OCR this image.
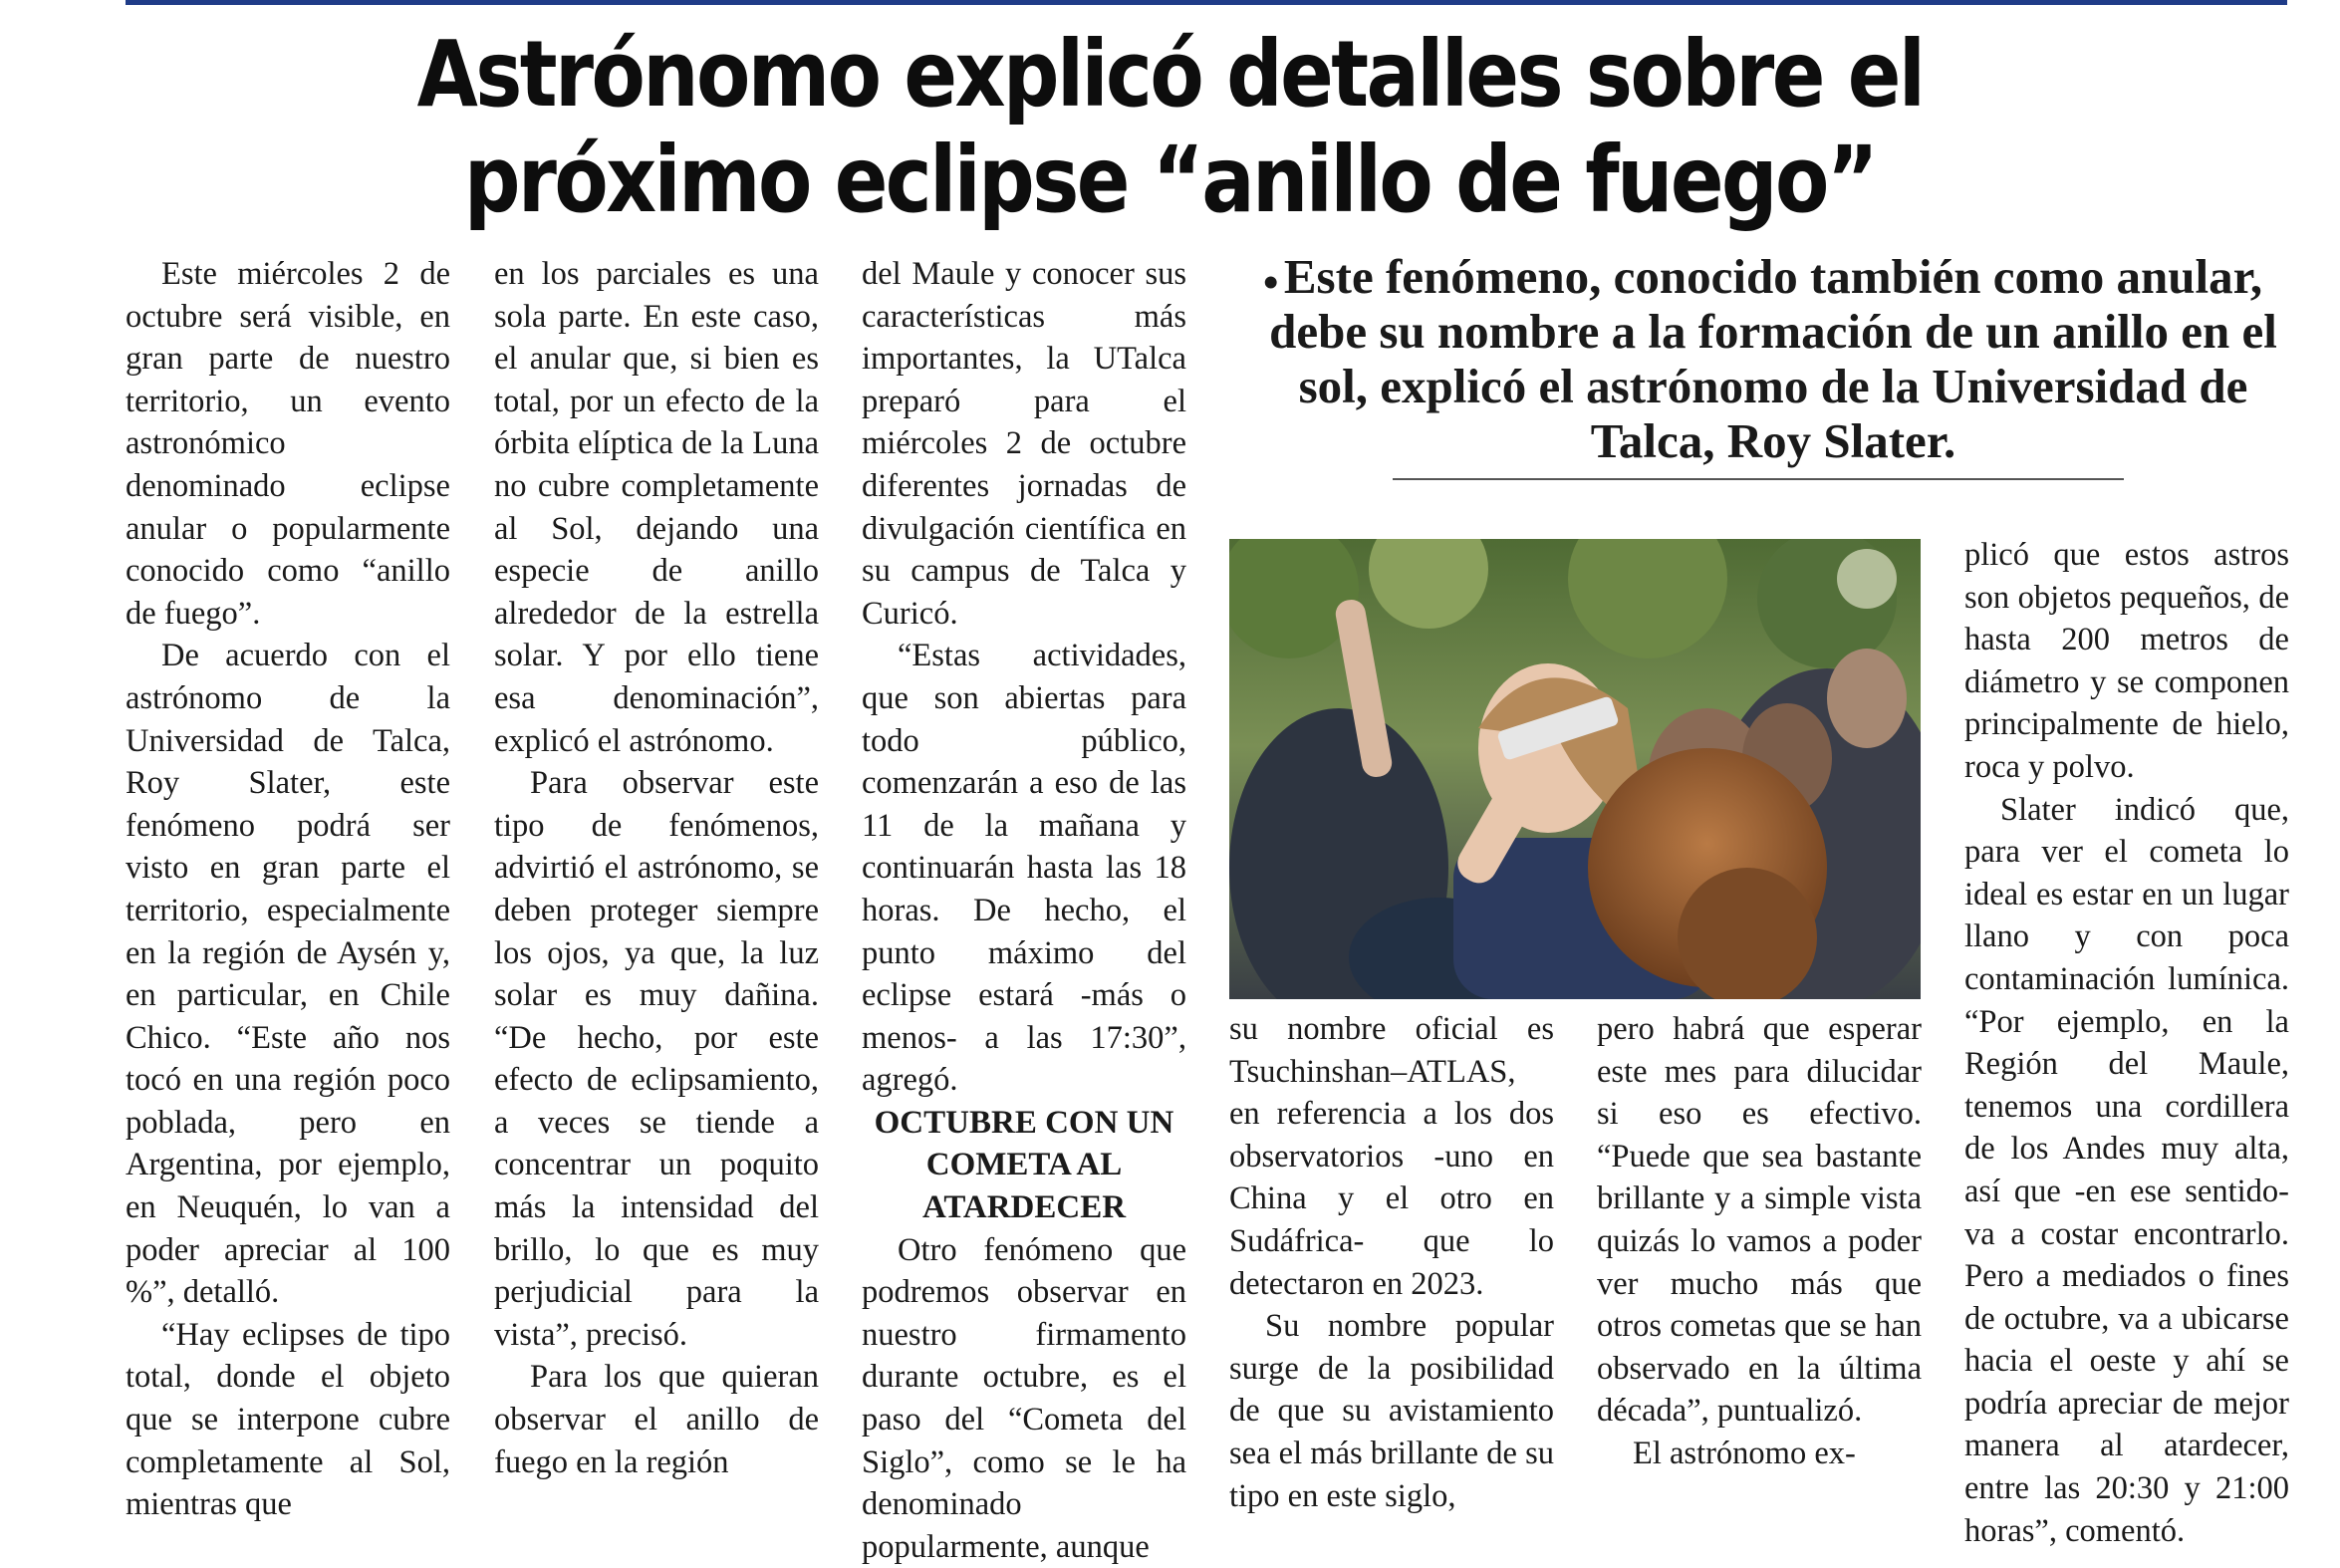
Astrónomo explicó detalles sobre el
próximo eclipse “anillo de fuego”

Este miércoles 2 de octubre será visible, en gran parte de nuestro territorio, un evento astronómico denominado eclipse anular o popularmente conocido como “anillo de fuego”.

De acuerdo con el astrónomo de la Universidad de Talca, Roy Slater, este fenómeno podrá ser visto en gran parte el territorio, especialmente en la región de Aysén y, en particular, en Chile Chico. “Este año nos tocó en una región poco poblada, pero en Argentina, por ejemplo, en Neuquén, lo van a poder apreciar al 100 %”, detalló.

“Hay eclipses de tipo total, donde el objeto que se interpone cubre completamente al Sol, mientras que

en los parciales es una sola parte. En este caso, el anular que, si bien es total, por un efecto de la órbita elíptica de la Luna no cubre completamente al Sol, dejando una especie de anillo alrededor de la estrella solar. Y por ello tiene esa denominación”, explicó el astrónomo.

Para observar este tipo de fenómenos, advirtió el astrónomo, se deben proteger siempre los ojos, ya que, la luz solar es muy dañina. “De hecho, por este efecto de eclipsamiento, a veces se tiende a concentrar un poquito más la intensidad del brillo, lo que es muy perjudicial para la vista”, precisó.

Para los que quieran observar el anillo de fuego en la región

del Maule y conocer sus características más importantes, la UTalca preparó para el miércoles 2 de octubre diferentes jornadas de divulgación científica en su campus de Talca y Curicó.

“Estas actividades, que son abiertas para todo público, comenzarán a eso de las 11 de la mañana y continuarán hasta las 18 horas. De hecho, el punto máximo del eclipse estará -más o menos- a las 17:30”, agregó.

OCTUBRE CON UN COMETA AL ATARDECER

Otro fenómeno que podremos observar en nuestro firmamento durante octubre, es el paso del “Cometa del Siglo”, como se le ha denominado popularmente, aunque

• Este fenómeno, conocido también como anular, debe su nombre a la formación de un anillo en el sol, explicó el astrónomo de la Universidad de Talca, Roy Slater.

su nombre oficial es Tsuchinshan–ATLAS, en referencia a los dos observatorios -uno en China y el otro en Sudáfrica- que lo detectaron en 2023.

Su nombre popular surge de la posibilidad de que su avistamiento sea el más brillante de su tipo en este siglo,

pero habrá que esperar este mes para dilucidar si eso es efectivo. “Puede que sea bastante brillante y a simple vista quizás lo vamos a poder ver mucho más que otros cometas que se han observado en la última década”, puntualizó.

El astrónomo ex-

plicó que estos astros son objetos pequeños, de hasta 200 metros de diámetro y se componen principalmente de hielo, roca y polvo.

Slater indicó que, para ver el cometa lo ideal es estar en un lugar llano y con poca contaminación lumínica. “Por ejemplo, en la Región del Maule, tenemos una cordillera de los Andes muy alta, así que -en ese sentido- va a costar encontrarlo. Pero a mediados o fines de octubre, va a ubicarse hacia el oeste y ahí se podría apreciar de mejor manera al atardecer, entre las 20:30 y 21:00 horas”, comentó.
